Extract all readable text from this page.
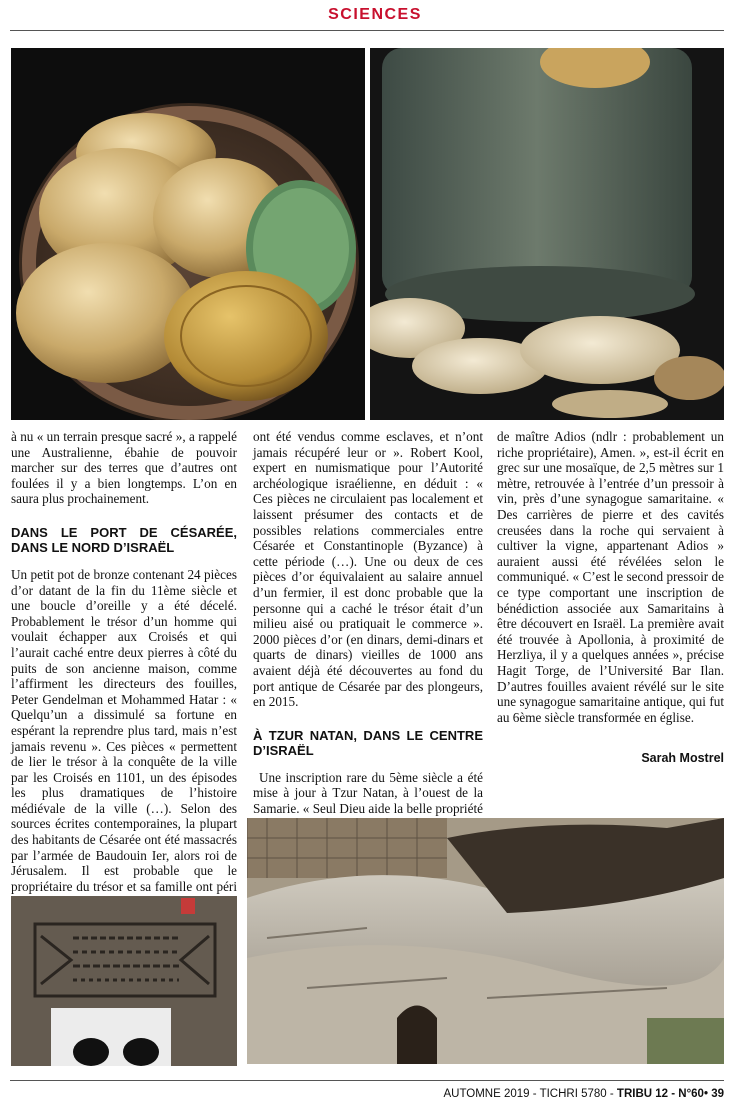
SCIENCES

à nu « un terrain presque sacré », a rappelé une Australienne, ébahie de pouvoir marcher sur des terres que d’autres ont foulées il y a bien longtemps. L’on en saura plus prochainement.

DANS LE PORT DE CÉSARÉE, DANS LE NORD D’ISRAËL

Un petit pot de bronze contenant 24 pièces d’or datant de la fin du 11ème siècle et une boucle d’oreille y a été décelé. Probablement le trésor d’un homme qui voulait échapper aux Croisés et qui l’aurait caché entre deux pierres à côté du puits de son ancienne maison, comme l’affirment les directeurs des fouilles, Peter Gendelman et Mohammed Hatar : « Quelqu’un a dissimulé sa fortune en espérant la reprendre plus tard, mais n’est jamais revenu ». Ces pièces « permettent de lier le trésor à la conquête de la ville par les Croisés en 1101, un des épisodes les plus dramatiques de l’histoire médiévale de la ville (…). Selon des sources écrites contemporaines, la plupart des habitants de Césarée ont été massacrés par l’armée de Baudouin Ier, alors roi de Jérusalem. Il est probable que le propriétaire du trésor et sa famille ont péri

ont été vendus comme esclaves, et n’ont jamais récupéré leur or ». Robert Kool, expert en numismatique pour l’Autorité archéologique israélienne, en déduit : « Ces pièces ne circulaient pas localement et laissent présumer des contacts et de possibles relations commerciales entre Césarée et Constantinople (Byzance) à cette période (…). Une ou deux de ces pièces d’or équivalaient au salaire annuel d’un fermier, il est donc probable que la personne qui a caché le trésor était d’un milieu aisé ou pratiquait le commerce ». 2000 pièces d’or (en dinars, demi-dinars et quarts de dinars) vieilles de 1000 ans avaient déjà été découvertes au fond du port antique de Césarée par des plongeurs, en 2015.

À TZUR NATAN, DANS LE CENTRE D’ISRAËL

Une inscription rare du 5ème siècle a été mise à jour à Tzur Natan, à l’ouest de la Samarie. « Seul Dieu aide la belle propriété

de maître Adios (ndlr : probablement un riche propriétaire), Amen. », est-il écrit en grec sur une mosaïque, de 2,5 mètres sur 1 mètre, retrouvée à l’entrée d’un pressoir à vin, près d’une synagogue samaritaine. « Des carrières de pierre et des cavités creusées dans la roche qui servaient à cultiver la vigne, appartenant Adios » auraient aussi été révélées selon le communiqué. « C’est le second pressoir de ce type comportant une inscription de bénédiction associée aux Samaritains à être découvert en Israël. La première avait été trouvée à Apollonia, à proximité de Herzliya, il y a quelques années », précise Hagit Torge, de l’Université Bar Ilan. D’autres fouilles avaient révélé sur le site une synagogue samaritaine antique, qui fut au 6ème siècle transformée en église.

Sarah Mostrel
AUTOMNE 2019 - TICHRI 5780 - TRIBU 12 - N°60• 39
